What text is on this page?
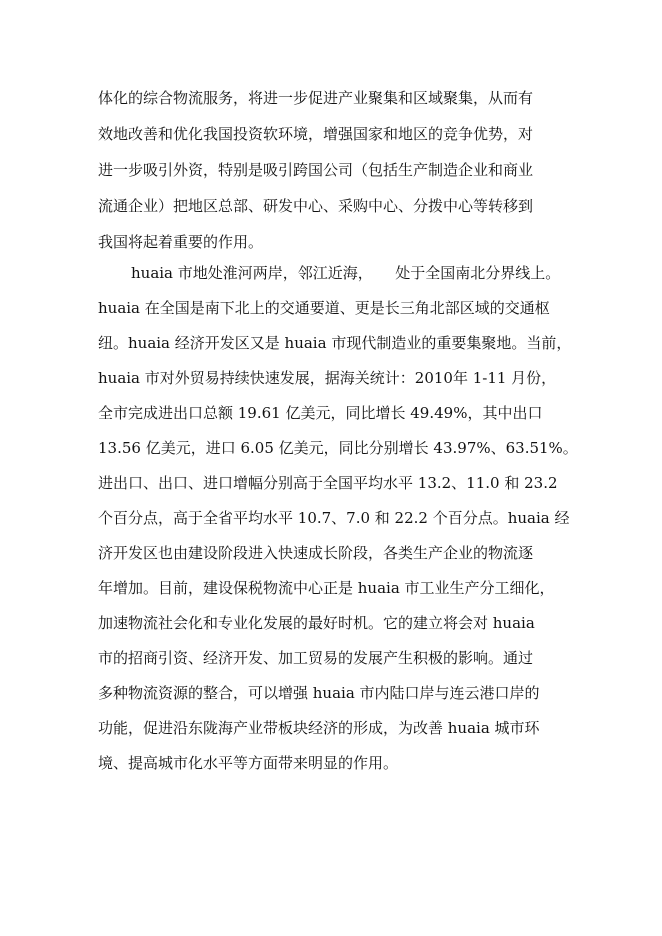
体化的综合物流服务，将进一步促进产业聚集和区域聚集，从而有
效地改善和优化我国投资软环境，增强国家和地区的竞争优势，对
进一步吸引外资，特别是吸引跨国公司（包括生产制造企业和商业
流通企业）把地区总部、研发中心、采购中心、分拨中心等转移到
我国将起着重要的作用。
huaia 市地处淮河两岸，邻江近海，　　处于全国南北分界线上。
huaia 在全国是南下北上的交通要道、更是长三角北部区域的交通枢
纽。huaia 经济开发区又是 huaia 市现代制造业的重要集聚地。当前，
huaia 市对外贸易持续快速发展，据海关统计：2010年 1-11 月份，
全市完成进出口总额 19.61 亿美元，同比增长 49.49%，其中出口
13.56 亿美元，进口 6.05 亿美元，同比分别增长 43.97%、63.51%。
进出口、出口、进口增幅分别高于全国平均水平 13.2、11.0 和 23.2
个百分点，高于全省平均水平 10.7、7.0 和 22.2 个百分点。huaia 经
济开发区也由建设阶段进入快速成长阶段，各类生产企业的物流逐
年增加。目前，建设保税物流中心正是 huaia 市工业生产分工细化，
加速物流社会化和专业化发展的最好时机。它的建立将会对 huaia
市的招商引资、经济开发、加工贸易的发展产生积极的影响。通过
多种物流资源的整合，可以增强 huaia 市内陆口岸与连云港口岸的
功能，促进沿东陇海产业带板块经济的形成，为改善 huaia 城市环
境、提高城市化水平等方面带来明显的作用。
